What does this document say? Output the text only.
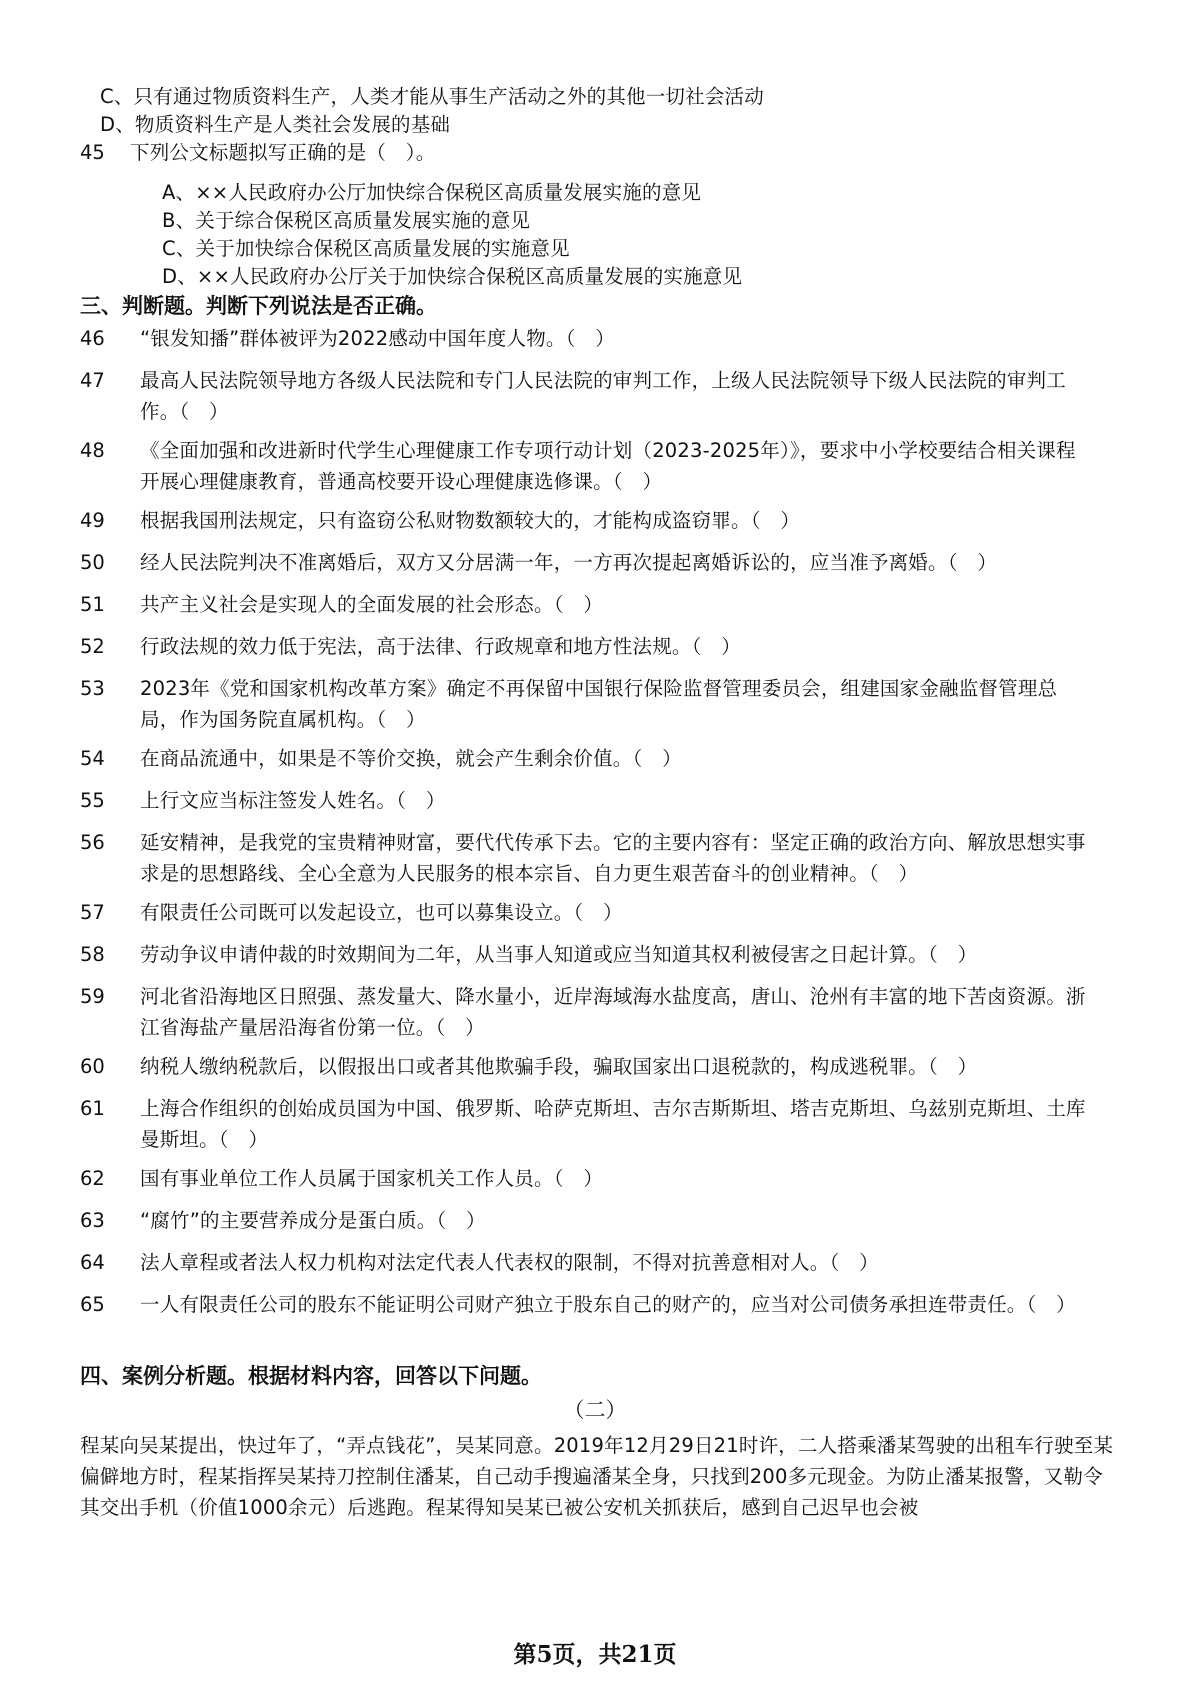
C、只有通过物质资料生产，人类才能从事生产活动之外的其他一切社会活动
D、物质资料生产是人类社会发展的基础
45 下列公文标题拟写正确的是（　）。
A、××人民政府办公厅加快综合保税区高质量发展实施的意见
B、关于综合保税区高质量发展实施的意见
C、关于加快综合保税区高质量发展的实施意见
D、××人民政府办公厅关于加快综合保税区高质量发展的实施意见
三、判断题。判断下列说法是否正确。
46 “银发知播”群体被评为2022感动中国年度人物。（　）
47 最高人民法院领导地方各级人民法院和专门人民法院的审判工作，上级人民法院领导下级人民法院的审判工作。（　）
48 《全面加强和改进新时代学生心理健康工作专项行动计划（2023-2025年）》，要求中小学校要结合相关课程开展心理健康教育，普通高校要开设心理健康选修课。（　）
49 根据我国刑法规定，只有盗窃公私财物数额较大的，才能构成盗窃罪。（　）
50 经人民法院判决不准离婚后，双方又分居满一年，一方再次提起离婚诉讼的，应当准予离婚。（　）
51 共产主义社会是实现人的全面发展的社会形态。（　）
52 行政法规的效力低于宪法，高于法律、行政规章和地方性法规。（　）
53 2023年《党和国家机构改革方案》确定不再保留中国银行保险监督管理委员会，组建国家金融监督管理总局，作为国务院直属机构。（　）
54 在商品流通中，如果是不等价交换，就会产生剩余价值。（　）
55 上行文应当标注签发人姓名。（　）
56 延安精神，是我党的宝贵精神财富，要代代传承下去。它的主要内容有：坚定正确的政治方向、解放思想实事求是的思想路线、全心全意为人民服务的根本宗旨、自力更生艰苦奋斗的创业精神。（　）
57 有限责任公司既可以发起设立，也可以募集设立。（　）
58 劳动争议申请仲裁的时效期间为二年，从当事人知道或应当知道其权利被侵害之日起计算。（　）
59 河北省沿海地区日照强、蒸发量大、降水量小，近岸海域海水盐度高，唐山、沧州有丰富的地下苦卤资源。浙江省海盐产量居沿海省份第一位。（　）
60 纳税人缴纳税款后，以假报出口或者其他欺骗手段，骗取国家出口退税款的，构成逃税罪。（　）
61 上海合作组织的创始成员国为中国、俄罗斯、哈萨克斯坦、吉尔吉斯斯坦、塔吉克斯坦、乌兹别克斯坦、土库曼斯坦。（　）
62 国有事业单位工作人员属于国家机关工作人员。（　）
63 “腐竹”的主要营养成分是蛋白质。（　）
64 法人章程或者法人权力机构对法定代表人代表权的限制，不得对抗善意相对人。（　）
65 一人有限责任公司的股东不能证明公司财产独立于股东自己的财产的，应当对公司债务承担连带责任。（　）
四、案例分析题。根据材料内容，回答以下问题。
（二）
程某向吴某提出，快过年了，“弄点钱花”，吴某同意。2019年12月29日21时许，二人搭乘潘某驾驶的出租车行驶至某偏僻地方时，程某指挥吴某持刀控制住潘某，自己动手搜遍潘某全身，只找到200多元现金。为防止潘某报警，又勒令其交出手机（价值1000余元）后逃跑。程某得知吴某已被公安机关抓获后，感到自己迟早也会被
第5页，共21页
